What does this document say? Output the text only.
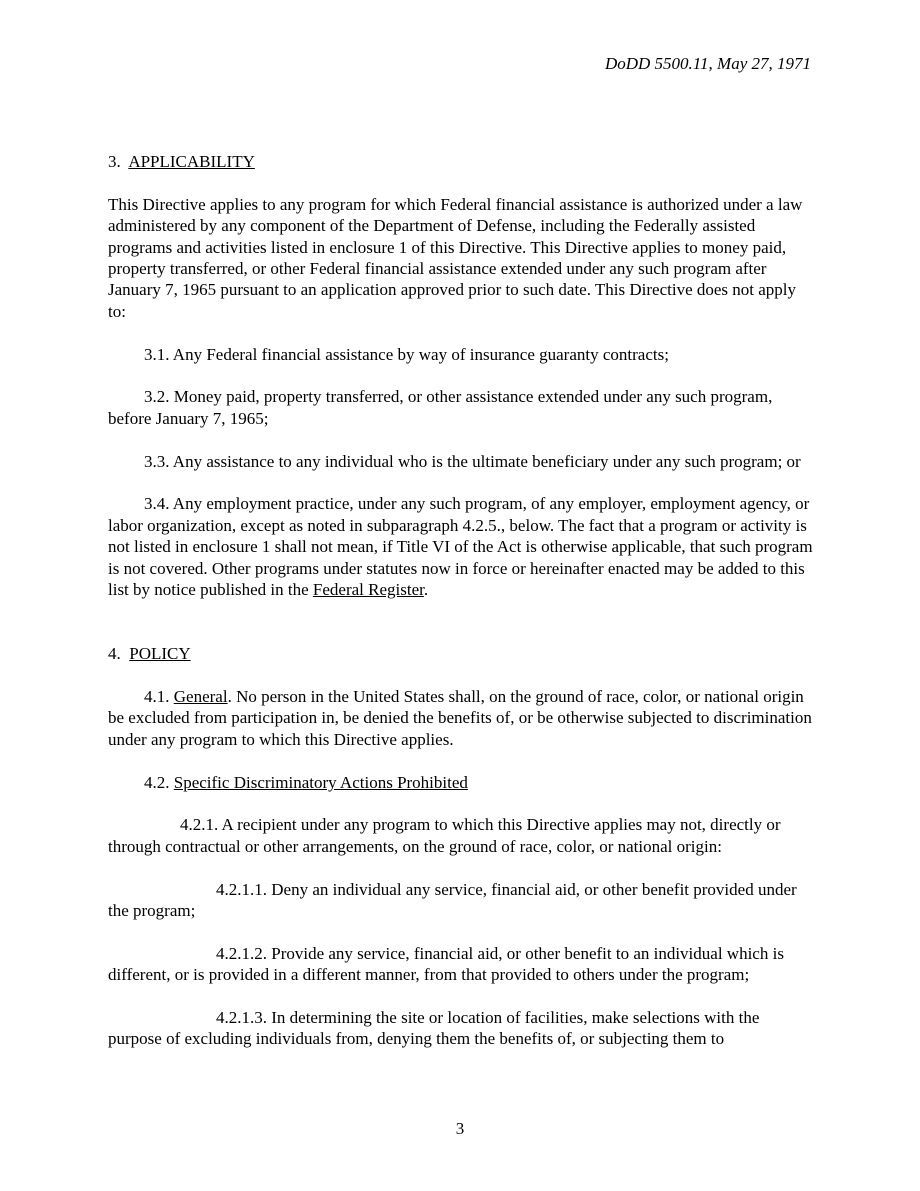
DoDD 5500.11, May 27, 1971

3. APPLICABILITY

This Directive applies to any program for which Federal financial assistance is authorized under a law administered by any component of the Department of Defense, including the Federally assisted programs and activities listed in enclosure 1 of this Directive. This Directive applies to money paid, property transferred, or other Federal financial assistance extended under any such program after January 7, 1965 pursuant to an application approved prior to such date. This Directive does not apply to:

3.1. Any Federal financial assistance by way of insurance guaranty contracts;

3.2. Money paid, property transferred, or other assistance extended under any such program, before January 7, 1965;

3.3. Any assistance to any individual who is the ultimate beneficiary under any such program; or

3.4. Any employment practice, under any such program, of any employer, employment agency, or labor organization, except as noted in subparagraph 4.2.5., below. The fact that a program or activity is not listed in enclosure 1 shall not mean, if Title VI of the Act is otherwise applicable, that such program is not covered. Other programs under statutes now in force or hereinafter enacted may be added to this list by notice published in the Federal Register.

4. POLICY

4.1. General. No person in the United States shall, on the ground of race, color, or national origin be excluded from participation in, be denied the benefits of, or be otherwise subjected to discrimination under any program to which this Directive applies.

4.2. Specific Discriminatory Actions Prohibited

4.2.1. A recipient under any program to which this Directive applies may not, directly or through contractual or other arrangements, on the ground of race, color, or national origin:

4.2.1.1. Deny an individual any service, financial aid, or other benefit provided under the program;

4.2.1.2. Provide any service, financial aid, or other benefit to an individual which is different, or is provided in a different manner, from that provided to others under the program;

4.2.1.3. In determining the site or location of facilities, make selections with the purpose of excluding individuals from, denying them the benefits of, or subjecting them to

3
